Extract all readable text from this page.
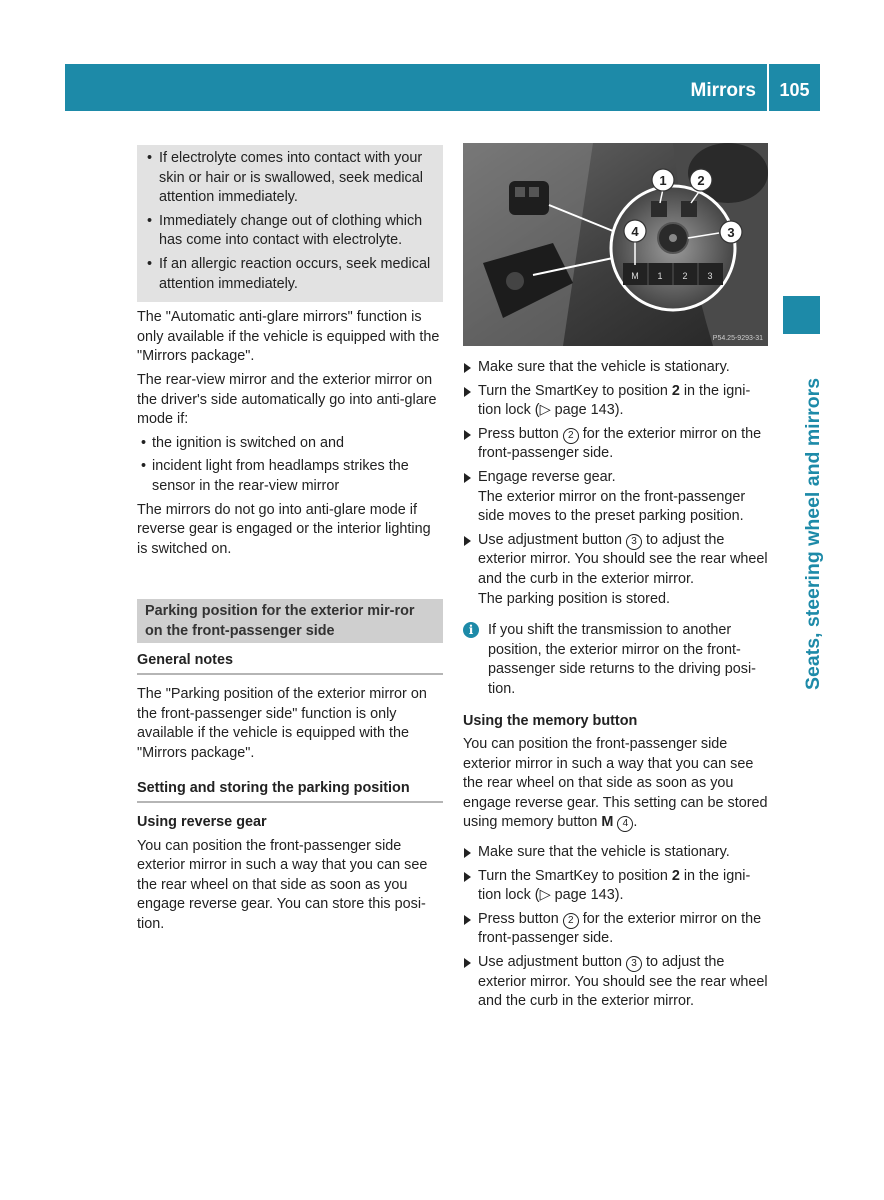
Mirrors	105
Seats, steering wheel and mirrors
• If electrolyte comes into contact with your skin or hair or is swallowed, seek medical attention immediately.
• Immediately change out of clothing which has come into contact with electrolyte.
• If an allergic reaction occurs, seek medical attention immediately.

The "Automatic anti-glare mirrors" function is only available if the vehicle is equipped with the "Mirrors package".

The rear-view mirror and the exterior mirror on the driver's side automatically go into anti-glare mode if:

• the ignition is switched on and
• incident light from headlamps strikes the sensor in the rear-view mirror

The mirrors do not go into anti-glare mode if reverse gear is engaged or the interior lighting is switched on.

Parking position for the exterior mir-ror on the front-passenger side
General notes

The "Parking position of the exterior mirror on the front-passenger side" function is only available if the vehicle is equipped with the "Mirrors package".

Setting and storing the parking position
Using reverse gear

You can position the front-passenger side exterior mirror in such a way that you can see the rear wheel on that side as soon as you engage reverse gear. You can store this posi-tion.

M 1 2 3
1 2
3
4
P54.25-9293-31
Make sure that the vehicle is stationary.
Turn the SmartKey to position 2 in the igni-tion lock (▷ page 143).
Press button 2 for the exterior mirror on the front-passenger side.
Engage reverse gear.
The exterior mirror on the front-passenger side moves to the preset parking position.
Use adjustment button 3 to adjust the exterior mirror. You should see the rear wheel and the curb in the exterior mirror.
The parking position is stored.
i	If you shift the transmission to another position, the exterior mirror on the front-passenger side returns to the driving posi-tion.
Using the memory button

You can position the front-passenger side exterior mirror in such a way that you can see the rear wheel on that side as soon as you engage reverse gear. This setting can be stored using memory button M 4 .

Make sure that the vehicle is stationary.
Turn the SmartKey to position 2 in the igni-tion lock (▷ page 143).
Press button 2 for the exterior mirror on the front-passenger side.
Use adjustment button 3 to adjust the exterior mirror. You should see the rear wheel and the curb in the exterior mirror.
